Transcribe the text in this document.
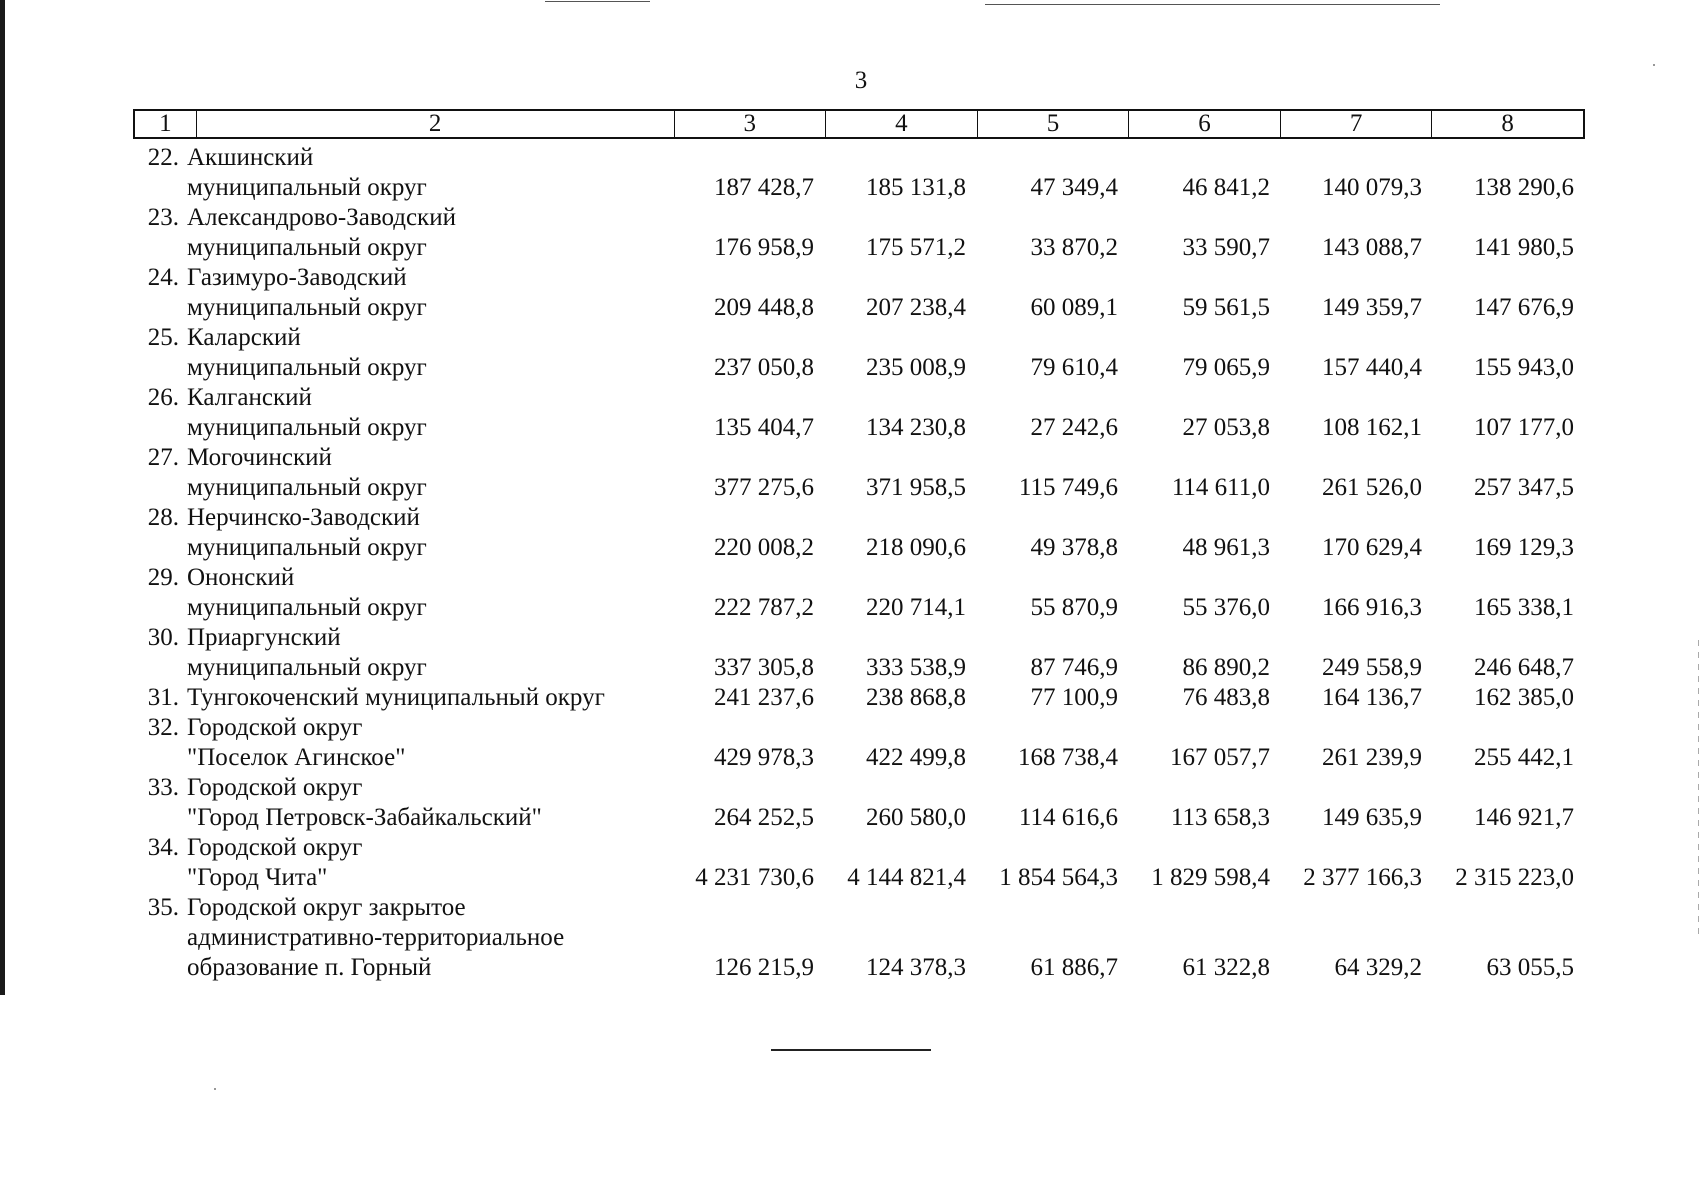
3
1	2	3	4	5	6	7	8
22. Акшинский
муниципальный округ	187 428,7	185 131,8	47 349,4	46 841,2	140 079,3	138 290,6
23. Александрово-Заводский
муниципальный округ	176 958,9	175 571,2	33 870,2	33 590,7	143 088,7	141 980,5
24. Газимуро-Заводский
муниципальный округ	209 448,8	207 238,4	60 089,1	59 561,5	149 359,7	147 676,9
25. Каларский
муниципальный округ	237 050,8	235 008,9	79 610,4	79 065,9	157 440,4	155 943,0
26. Калганский
муниципальный округ	135 404,7	134 230,8	27 242,6	27 053,8	108 162,1	107 177,0
27. Могочинский
муниципальный округ	377 275,6	371 958,5	115 749,6	114 611,0	261 526,0	257 347,5
28. Нерчинско-Заводский
муниципальный округ	220 008,2	218 090,6	49 378,8	48 961,3	170 629,4	169 129,3
29. Ононский
муниципальный округ	222 787,2	220 714,1	55 870,9	55 376,0	166 916,3	165 338,1
30. Приаргунский
муниципальный округ	337 305,8	333 538,9	87 746,9	86 890,2	249 558,9	246 648,7
31. Тунгокоченский муниципальный округ	241 237,6	238 868,8	77 100,9	76 483,8	164 136,7	162 385,0
32. Городской округ
"Поселок Агинское"	429 978,3	422 499,8	168 738,4	167 057,7	261 239,9	255 442,1
33. Городской округ
"Город Петровск-Забайкальский"	264 252,5	260 580,0	114 616,6	113 658,3	149 635,9	146 921,7
34. Городской округ
"Город Чита"	4 231 730,6	4 144 821,4	1 854 564,3	1 829 598,4	2 377 166,3	2 315 223,0
35. Городской округ закрытое
административно-территориальное
образование п. Горный	126 215,9	124 378,3	61 886,7	61 322,8	64 329,2	63 055,5
